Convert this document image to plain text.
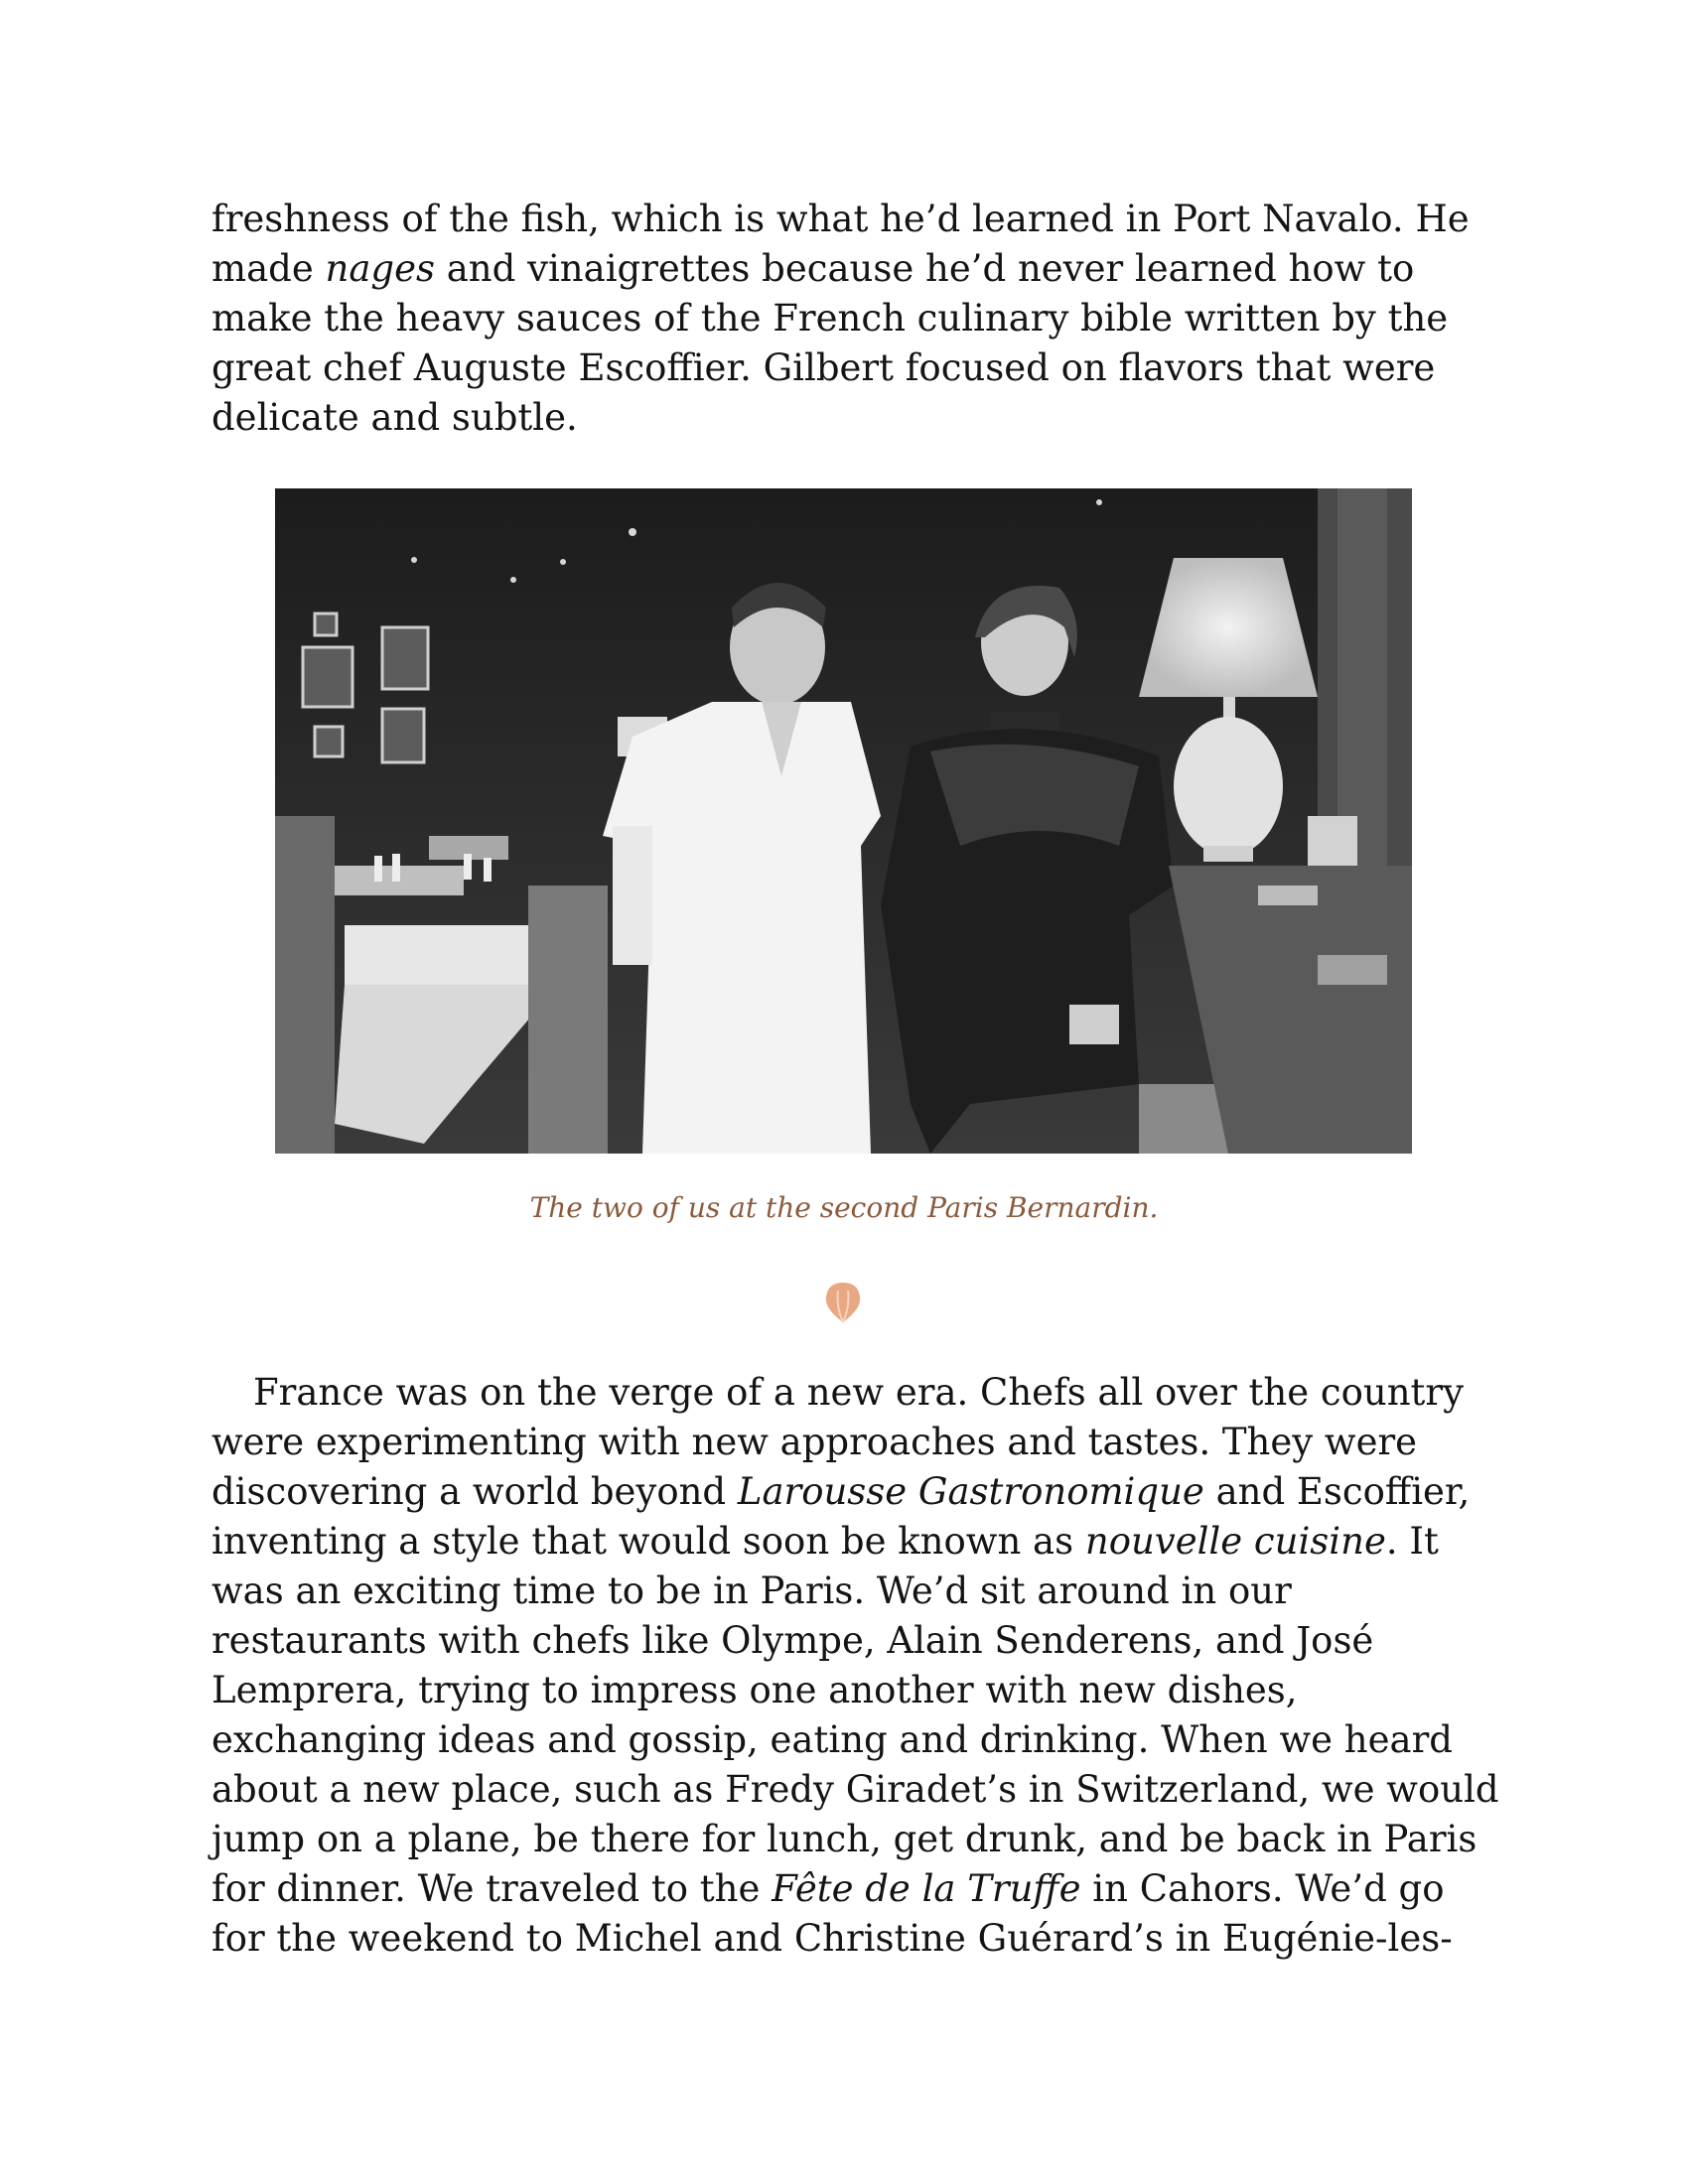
freshness of the fish, which is what he’d learned in Port Navalo. He made nages and vinaigrettes because he’d never learned how to make the heavy sauces of the French culinary bible written by the great chef Auguste Escoffier. Gilbert focused on flavors that were delicate and subtle.

The two of us at the second Paris Bernardin.

France was on the verge of a new era. Chefs all over the country were experimenting with new approaches and tastes. They were discovering a world beyond Larousse Gastronomique and Escoffier, inventing a style that would soon be known as nouvelle cuisine. It was an exciting time to be in Paris. We’d sit around in our restaurants with chefs like Olympe, Alain Senderens, and José Lemprera, trying to impress one another with new dishes, exchanging ideas and gossip, eating and drinking. When we heard about a new place, such as Fredy Giradet’s in Switzerland, we would jump on a plane, be there for lunch, get drunk, and be back in Paris for dinner. We traveled to the Fête de la Truffe in Cahors. We’d go for the weekend to Michel and Christine Guérard’s in Eugénie-les-
